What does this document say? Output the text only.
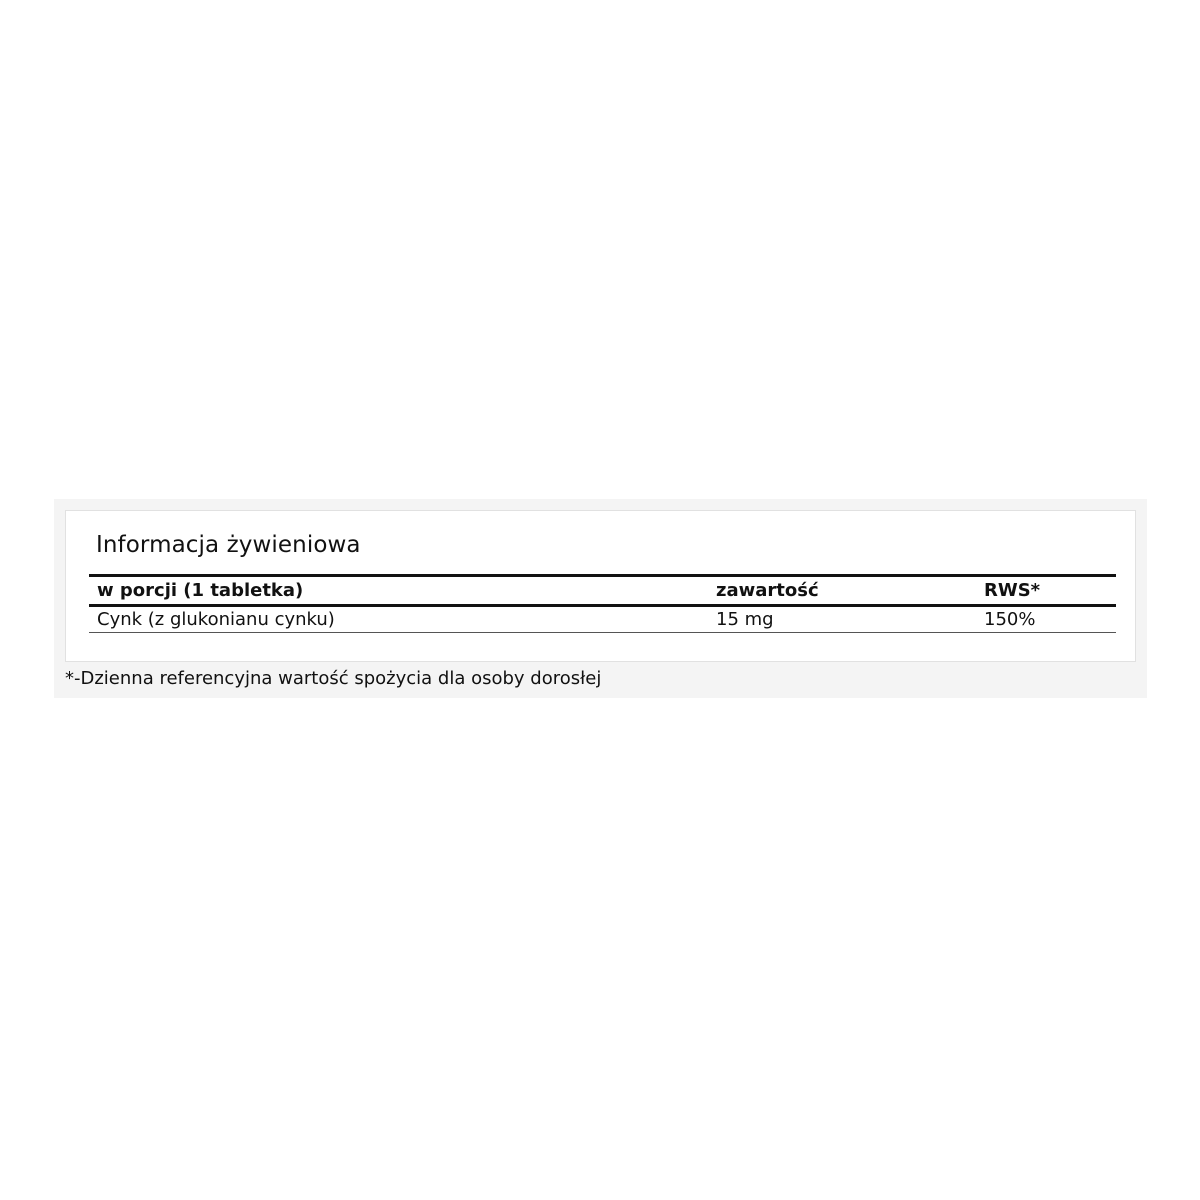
Informacja żywieniowa
w porcji (1 tabletka)	zawartość	RWS*
Cynk (z glukonianu cynku)	15 mg	150%

*-Dzienna referencyjna wartość spożycia dla osoby dorosłej
